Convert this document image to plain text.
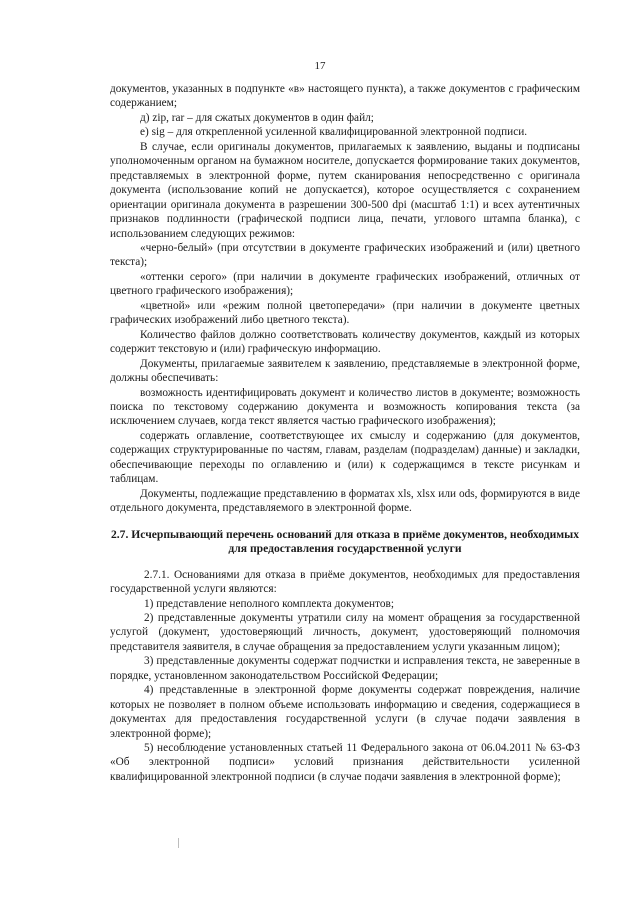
17

документов, указанных в подпункте «в» настоящего пункта), а также документов с графическим содержанием;

д) zip, rar – для сжатых документов в один файл;

е) sig – для открепленной усиленной квалифицированной электронной подписи.

В случае, если оригиналы документов, прилагаемых к заявлению, выданы и подписаны уполномоченным органом на бумажном носителе, допускается формирование таких документов, представляемых в электронной форме, путем сканирования непосредственно с оригинала документа (использование копий не допускается), которое осуществляется с сохранением ориентации оригинала документа в разрешении 300-500 dpi (масштаб 1:1) и всех аутентичных признаков подлинности (графической подписи лица, печати, углового штампа бланка), с использованием следующих режимов:

«черно-белый» (при отсутствии в документе графических изображений и (или) цветного текста);

«оттенки серого» (при наличии в документе графических изображений, отличных от цветного графического изображения);

«цветной» или «режим полной цветопередачи» (при наличии в документе цветных графических изображений либо цветного текста).

Количество файлов должно соответствовать количеству документов, каждый из которых содержит текстовую и (или) графическую информацию.

Документы, прилагаемые заявителем к заявлению, представляемые в электронной форме, должны обеспечивать:

возможность идентифицировать документ и количество листов в документе; возможность поиска по текстовому содержанию документа и возможность копирования текста (за исключением случаев, когда текст является частью графического изображения);

содержать оглавление, соответствующее их смыслу и содержанию (для документов, содержащих структурированные по частям, главам, разделам (подразделам) данные) и закладки, обеспечивающие переходы по оглавлению и (или) к содержащимся в тексте рисункам и таблицам.

Документы, подлежащие представлению в форматах xls, xlsx или ods, формируются в виде отдельного документа, представляемого в электронной форме.

2.7. Исчерпывающий перечень оснований для отказа в приёме документов, необходимых для предоставления государственной услуги

2.7.1. Основаниями для отказа в приёме документов, необходимых для предоставления государственной услуги являются:

1) представление неполного комплекта документов;

2) представленные документы утратили силу на момент обращения за государственной услугой (документ, удостоверяющий личность, документ, удостоверяющий полномочия представителя заявителя, в случае обращения за предоставлением услуги указанным лицом);

3) представленные документы содержат подчистки и исправления текста, не заверенные в порядке, установленном законодательством Российской Федерации;

4) представленные в электронной форме документы содержат повреждения, наличие которых не позволяет в полном объеме использовать информацию и сведения, содержащиеся в документах для предоставления государственной услуги (в случае подачи заявления в электронной форме);

5) несоблюдение установленных статьей 11 Федерального закона от 06.04.2011 № 63-ФЗ «Об электронной подписи» условий признания действительности усиленной квалифицированной электронной подписи (в случае подачи заявления в электронной форме);
